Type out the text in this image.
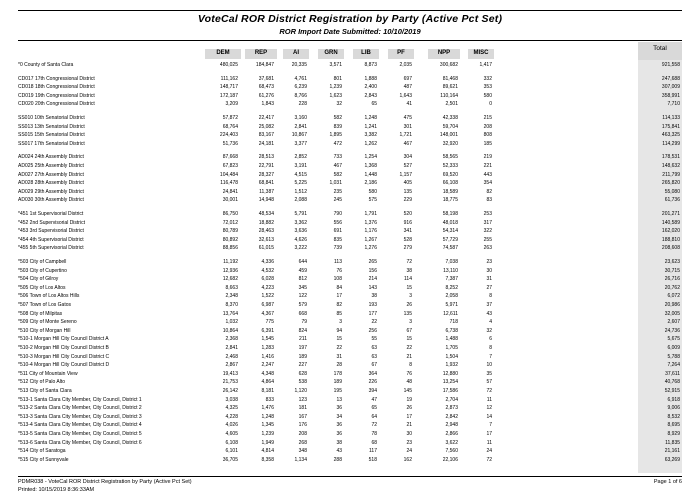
VoteCal ROR District Registration by Party (Active Pct Set)
ROR Import Date Submitted: 10/10/2019
Total
DEM	REP	AI	GRN	LIB	PF	NPP	MISC
*0 County of Santa Clara	480,025	184,847	20,335	3,571	8,873	2,035	300,682	1,417	921,558
CD017 17th Congressional District	111,162	37,681	4,761	801	1,888	697	81,468	332	247,688
CD018 18th Congressional District	148,717	68,473	6,239	1,239	2,400	487	89,621	353	307,009
CD019 19th Congressional District	172,187	61,276	8,766	1,623	2,843	1,643	110,164	580	358,991
CD020 20th Congressional District	3,209	1,843	228	32	65	41	2,501	0	7,710
SS010 10th Senatorial District	57,872	22,417	3,160	582	1,248	475	42,338	215	114,133
SS013 13th Senatorial District	68,764	25,082	2,841	839	1,241	301	59,704	208	175,841
SS015 15th Senatorial District	224,403	83,167	10,867	1,895	3,382	1,721	148,001	808	463,325
SS017 17th Senatorial District	51,736	24,181	3,377	472	1,262	467	32,920	185	114,299
AD024 24th Assembly District	87,668	28,513	2,852	733	1,254	304	58,565	219	178,531
AD025 25th Assembly District	67,823	22,791	3,191	467	1,368	527	52,333	221	148,632
AD027 27th Assembly District	104,484	28,327	4,515	582	1,448	1,157	69,520	443	211,799
AD028 28th Assembly District	116,478	68,841	5,225	1,031	2,186	405	66,108	354	265,820
AD029 29th Assembly District	24,841	11,387	1,512	235	580	135	18,589	82	55,080
AD030 30th Assembly District	30,001	14,948	2,088	245	575	229	18,775	83	61,736
*451 1st Supervisorial District	86,750	48,534	5,791	790	1,791	520	58,198	253	201,271
*452 2nd Supervisorial District	72,012	18,882	3,362	556	1,376	916	48,018	317	140,589
*453 3rd Supervisorial District	80,789	28,463	3,636	691	1,176	341	54,314	322	162,020
*454 4th Supervisorial District	80,892	32,613	4,626	835	1,267	528	57,729	255	188,810
*455 5th Supervisorial District	88,856	61,015	3,222	739	1,276	279	74,587	263	208,608
*503 City of Campbell	11,192	4,336	644	113	265	72	7,038	23	23,623
*503 City of Cupertino	12,936	4,532	459	76	156	38	13,110	30	30,715
*504 City of Gilroy	12,682	6,028	812	108	214	114	7,387	31	26,716
*505 City of Los Altos	8,663	4,223	345	84	143	15	8,252	27	20,762
*506 Town of Los Altos Hills	2,348	1,522	122	17	38	3	2,058	8	6,072
*507 Town of Los Gatos	8,370	6,987	579	82	193	26	5,971	37	20,986
*508 City of Milpitas	13,764	4,367	668	85	177	135	12,611	43	32,005
*509 City of Monte Sereno	1,032	775	79	3	22	3	718	4	2,607
*510 City of Morgan Hill	10,864	6,391	824	94	256	67	6,738	32	24,736
*510-1 Morgan Hill City Council District A	2,368	1,545	211	15	55	15	1,488	6	5,675
*510-2 Morgan Hill City Council District B	2,841	1,283	197	22	63	22	1,705	8	6,009
*510-3 Morgan Hill City Council District C	2,468	1,416	189	31	63	21	1,504	7	5,788
*510-4 Morgan Hill City Council District D	2,867	2,247	227	28	67	8	1,932	10	7,264
*511 City of Mountain View	19,413	4,348	628	178	364	76	12,880	35	37,611
*512 City of Palo Alto	21,753	4,864	538	189	226	48	13,254	57	40,768
*513 City of Santa Clara	26,142	8,181	1,120	195	394	145	17,586	72	52,915
*513-1 Santa Clara City Member, City Council, District 1	3,038	833	123	13	47	19	2,704	11	6,918
*513-2 Santa Clara City Member, City Council, District 2	4,325	1,476	181	36	65	26	2,873	12	9,006
*513-3 Santa Clara City Member, City Council, District 3	4,228	1,248	167	34	64	17	2,842	14	8,532
*513-4 Santa Clara City Member, City Council, District 4	4,026	1,345	176	36	72	21	2,948	7	8,695
*513-5 Santa Clara City Member, City Council, District 5	4,605	1,239	208	36	78	30	2,866	17	8,929
*513-6 Santa Clara City Member, City Council, District 6	6,108	1,949	268	38	68	23	3,622	11	11,835
*514 City of Saratoga	6,101	4,814	348	43	117	24	7,560	24	21,161
*515 City of Sunnyvale	36,705	8,358	1,134	288	518	162	22,106	72	63,269
PDMR038 - VoteCal ROR District Registration by Party (Active Pct Set)
Printed: 10/15/2019 8:36:33AM
Page 1 of 6
